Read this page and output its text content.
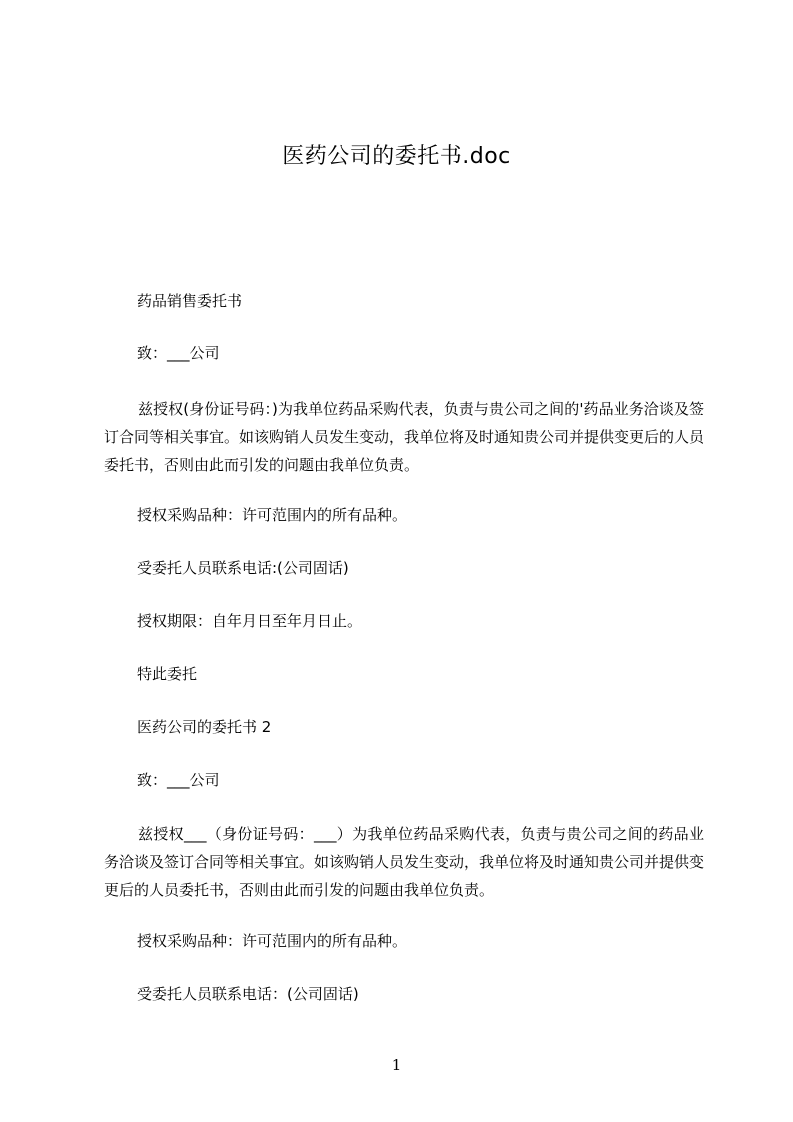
医药公司的委托书.doc
药品销售委托书
致：___公司
兹授权(身份证号码：)为我单位药品采购代表，负责与贵公司之间的'药品业务洽谈及签订合同等相关事宜。如该购销人员发生变动，我单位将及时通知贵公司并提供变更后的人员委托书，否则由此而引发的问题由我单位负责。
授权采购品种：许可范围内的所有品种。
受委托人员联系电话:(公司固话)
授权期限：自年月日至年月日止。
特此委托
医药公司的委托书 2
致：___公司
兹授权___（身份证号码：___）为我单位药品采购代表，负责与贵公司之间的药品业务洽谈及签订合同等相关事宜。如该购销人员发生变动，我单位将及时通知贵公司并提供变更后的人员委托书，否则由此而引发的问题由我单位负责。
授权采购品种：许可范围内的所有品种。
受委托人员联系电话：(公司固话)
1
